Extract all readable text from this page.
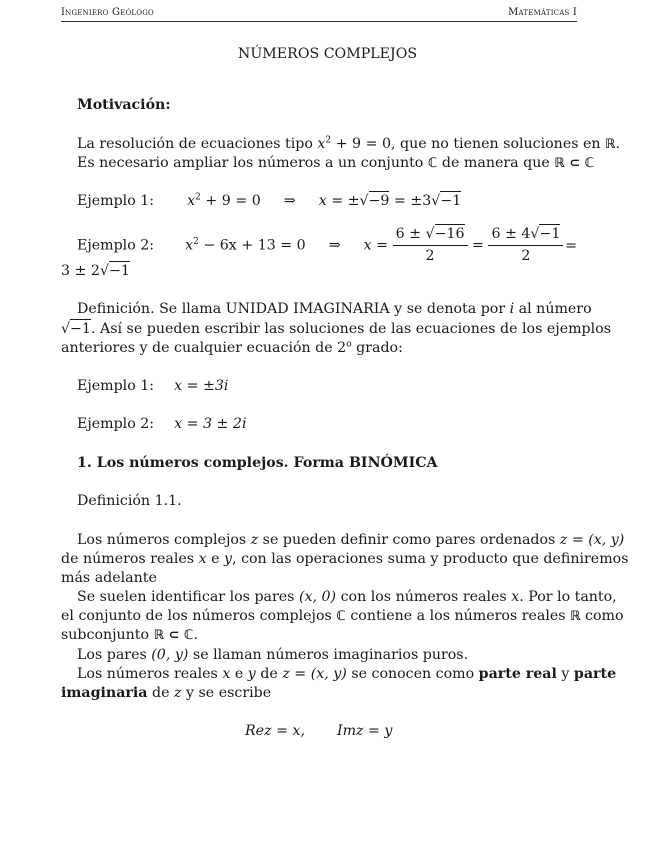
Ingeniero Geólogo	Matemáticas I
NÚMEROS COMPLEJOS
Motivación:
La resolución de ecuaciones tipo $x^2 + 9 = 0$, que no tienen soluciones en ℝ.
Es necesario ampliar los números a un conjunto ℂ de manera que ℝ ⊂ ℂ
Ejemplo 1: $x^2 + 9 = 0$ ⇒ x = ±√−9 = ±3√−1
Ejemplo 2: $x^2 - 6x + 13 = 0$ ⇒ $x = \frac{6 \pm √-16}{2} = \frac{6 \pm 4√-1}{2}$ =
3 ± 2√−1
Definición. Se llama UNIDAD IMAGINARIA y se denota por i al número
√−1. Así se pueden escribir las soluciones de las ecuaciones de los ejemplos
anteriores y de cualquier ecuación de 2$^o$ grado:
Ejemplo 1: x = ±3i
Ejemplo 2: x = 3 ± 2i
1. Los números complejos. Forma BINÓMICA
Definición 1.1.
Los números complejos z se pueden definir como pares ordenados z = (x, y)
de números reales x e y, con las operaciones suma y producto que definiremos
más adelante
Se suelen identificar los pares (x, 0) con los números reales x. Por lo tanto,
el conjunto de los números complejos ℂ contiene a los números reales ℝ como
subconjunto ℝ ⊂ ℂ.
Los pares (0, y) se llaman números imaginarios puros.
Los números reales x e y de z = (x, y) se conocen como parte real y parte
imaginaria de z y se escribe
Rez = x, Imz = y
